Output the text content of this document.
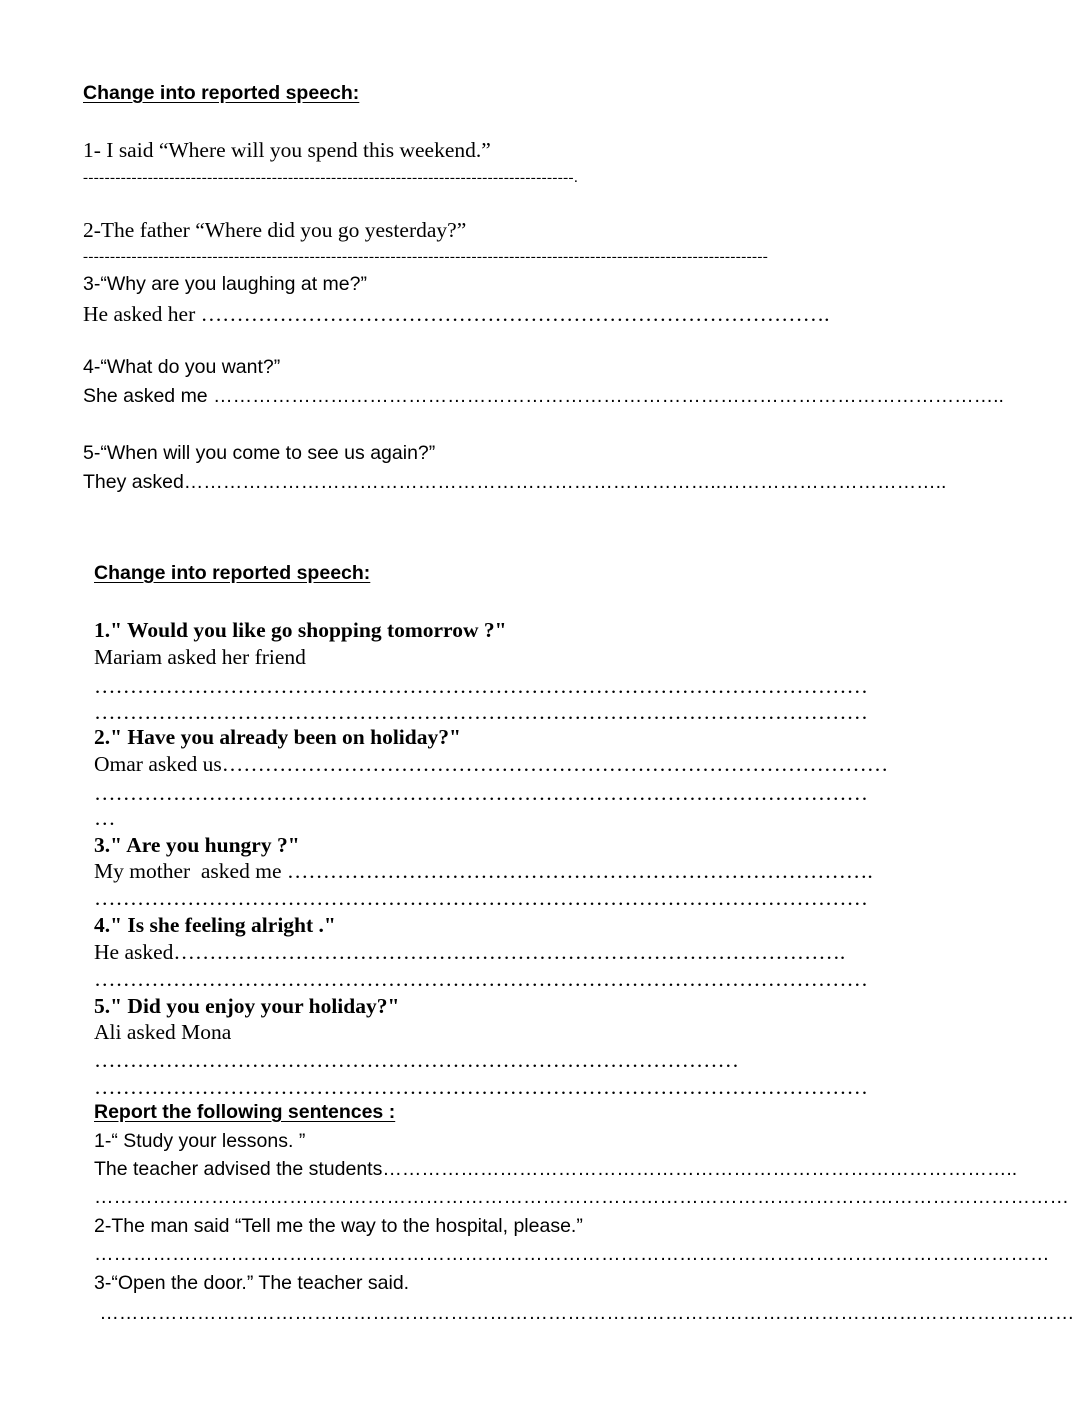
Change into reported speech:
1- I said “Where will you spend this weekend.”
-------------------------------------------------------------------------------------------.
2-The father “Where did you go yesterday?”
-------------------------------------------------------------------------------------------------------------------------------
3-“Why are you laughing at me?”
He asked her …………………………………………………………………………….
4-“What do you want?”
She asked me …………………………………………………………………………………………………………..
5-“When will you come to see us again?”
They asked………………………………………………………………………..……………………………..
Change into reported speech:
1." Would you like go shopping tomorrow ?"
Mariam asked her friend
………………………………………………………………………………………………
………………………………………………………………………………………………
2." Have you already been on holiday?"
Omar asked us…………………………………………………………………………………
………………………………………………………………………………………………
…
3." Are you hungry ?"
My mother  asked me ……………………………………………………………………….
………………………………………………………………………………………………
4." Is she feeling alright ."
He asked………………………………………………………………………………….
………………………………………………………………………………………………
5." Did you enjoy your holiday?"
Ali asked Mona
………………………………………………………………………………
………………………………………………………………………………………………
Report the following sentences :
1-“ Study your lessons. ”
The teacher advised the students……………………………………………………………………………………..
……………………………………………………………………………………………………………………………………
2-The man said “Tell me the way to the hospital, please.”
…………………………………………………………………………………………………………………………………
3-“Open the door.” The teacher said.
……………………………………………………………………………………………………………………………………
